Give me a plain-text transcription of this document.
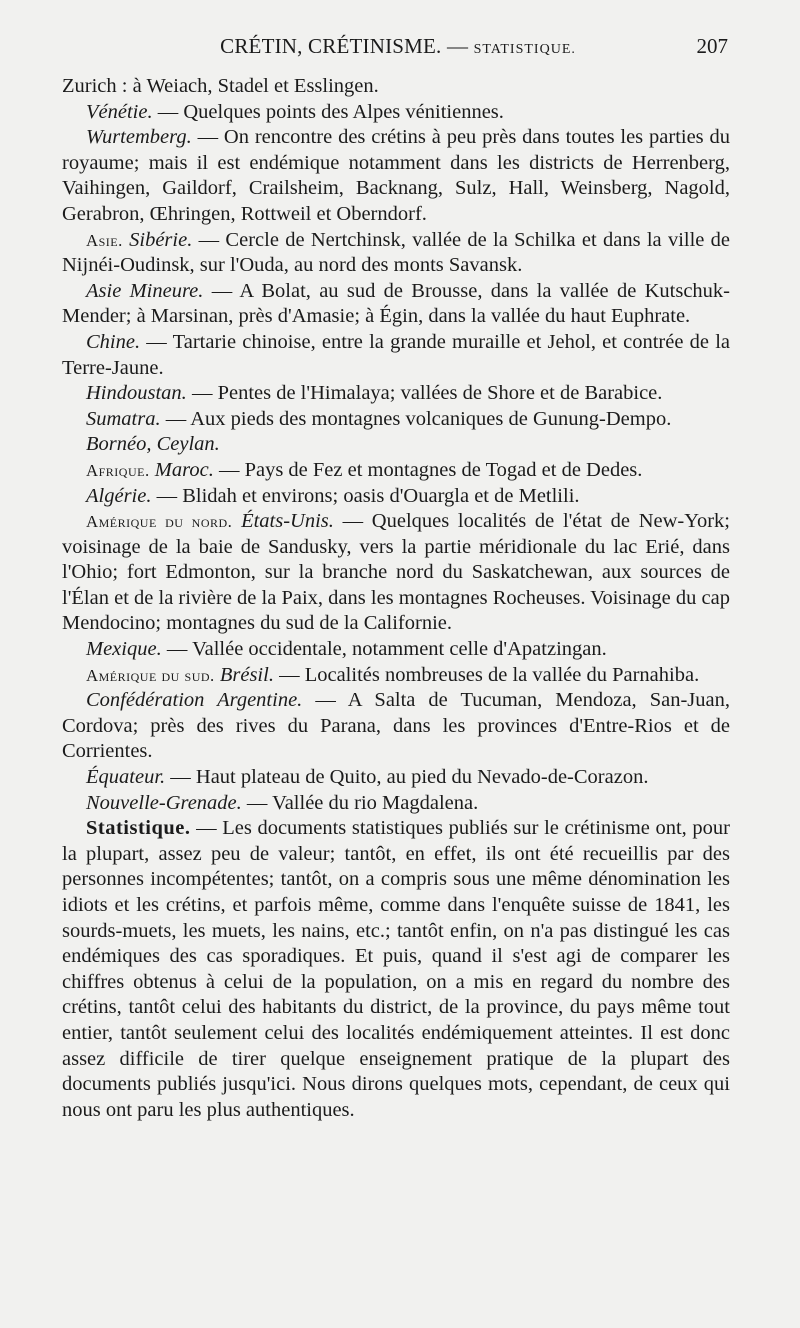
CRÉTIN, CRÉTINISME. — STATISTIQUE.	207

Zurich : à Weiach, Stadel et Esslingen.

Vénétie. — Quelques points des Alpes vénitiennes.

Wurtemberg. — On rencontre des crétins à peu près dans toutes les parties du royaume; mais il est endémique notamment dans les districts de Herrenberg, Vaihingen, Gaildorf, Crailsheim, Backnang, Sulz, Hall, Weinsberg, Nagold, Gerabron, Œhringen, Rottweil et Oberndorf.

Asie. Sibérie. — Cercle de Nertchinsk, vallée de la Schilka et dans la ville de Nijnéi-Oudinsk, sur l'Ouda, au nord des monts Savansk.

Asie Mineure. — A Bolat, au sud de Brousse, dans la vallée de Kutschuk-Mender; à Marsinan, près d'Amasie; à Égin, dans la vallée du haut Euphrate.

Chine. — Tartarie chinoise, entre la grande muraille et Jehol, et contrée de la Terre-Jaune.

Hindoustan. — Pentes de l'Himalaya; vallées de Shore et de Barabice.

Sumatra. — Aux pieds des montagnes volcaniques de Gunung-Dempo.

Bornéo, Ceylan.

Afrique. Maroc. — Pays de Fez et montagnes de Togad et de Dedes.

Algérie. — Blidah et environs; oasis d'Ouargla et de Metlili.

Amérique du nord. États-Unis. — Quelques localités de l'état de New-York; voisinage de la baie de Sandusky, vers la partie méridionale du lac Erié, dans l'Ohio; fort Edmonton, sur la branche nord du Saskatchewan, aux sources de l'Élan et de la rivière de la Paix, dans les montagnes Rocheuses. Voisinage du cap Mendocino; montagnes du sud de la Californie.

Mexique. — Vallée occidentale, notamment celle d'Apatzingan.

Amérique du sud. Brésil. — Localités nombreuses de la vallée du Parnahiba.

Confédération Argentine. — A Salta de Tucuman, Mendoza, San-Juan, Cordova; près des rives du Parana, dans les provinces d'Entre-Rios et de Corrientes.

Équateur. — Haut plateau de Quito, au pied du Nevado-de-Corazon.

Nouvelle-Grenade. — Vallée du rio Magdalena.

Statistique. — Les documents statistiques publiés sur le crétinisme ont, pour la plupart, assez peu de valeur; tantôt, en effet, ils ont été recueillis par des personnes incompétentes; tantôt, on a compris sous une même dénomination les idiots et les crétins, et parfois même, comme dans l'enquête suisse de 1841, les sourds-muets, les muets, les nains, etc.; tantôt enfin, on n'a pas distingué les cas endémiques des cas sporadiques. Et puis, quand il s'est agi de comparer les chiffres obtenus à celui de la population, on a mis en regard du nombre des crétins, tantôt celui des habitants du district, de la province, du pays même tout entier, tantôt seulement celui des localités endémiquement atteintes. Il est donc assez difficile de tirer quelque enseignement pratique de la plupart des documents publiés jusqu'ici. Nous dirons quelques mots, cependant, de ceux qui nous ont paru les plus authentiques.
